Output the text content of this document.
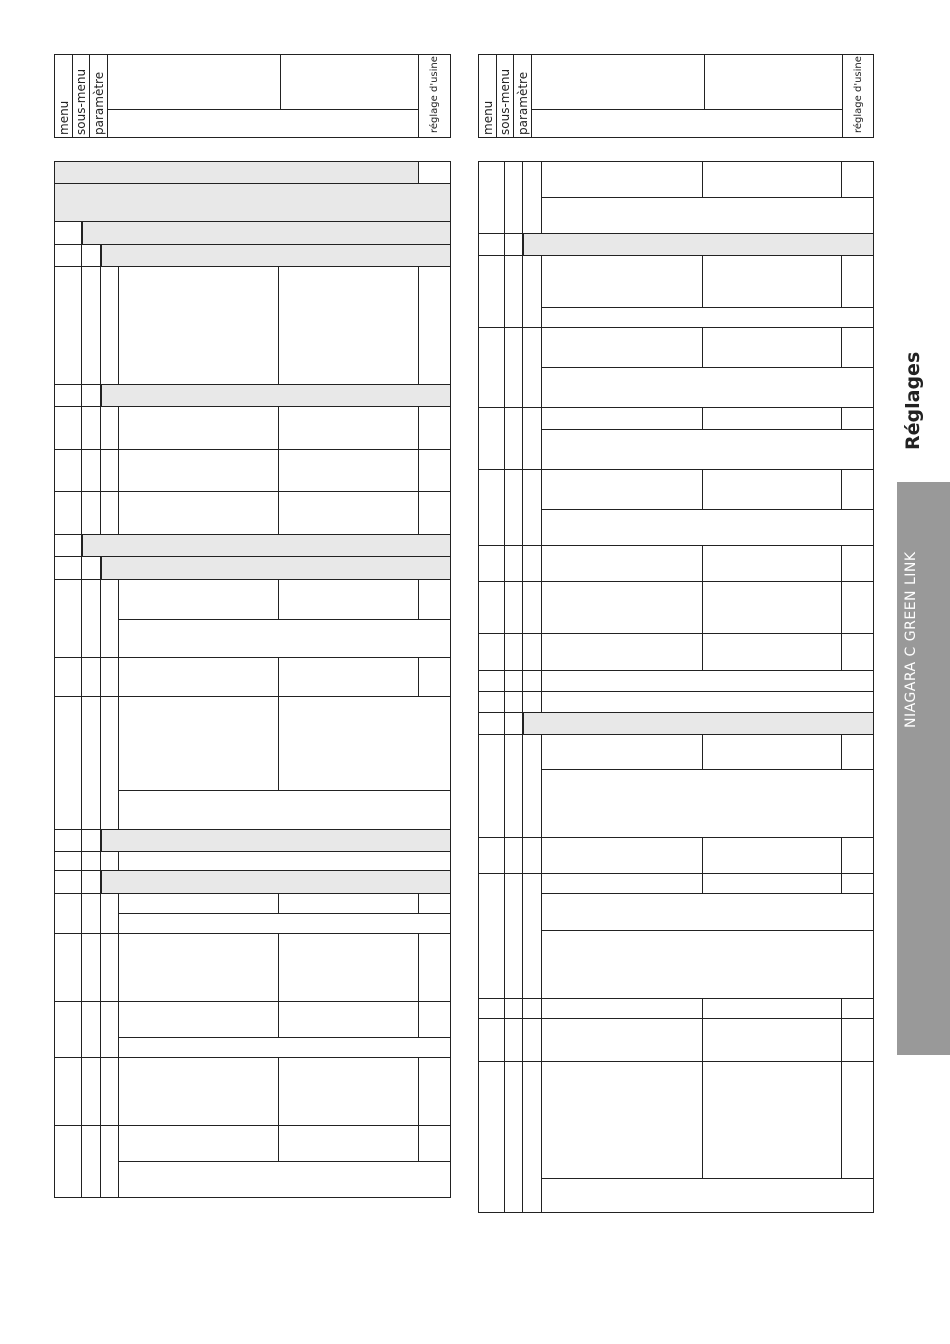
menu sous-menu paramètre	réglage d'usine	menu sous-menu paramètre	réglage d'usine
Réglages
NIAGARA C GREEN LINK
